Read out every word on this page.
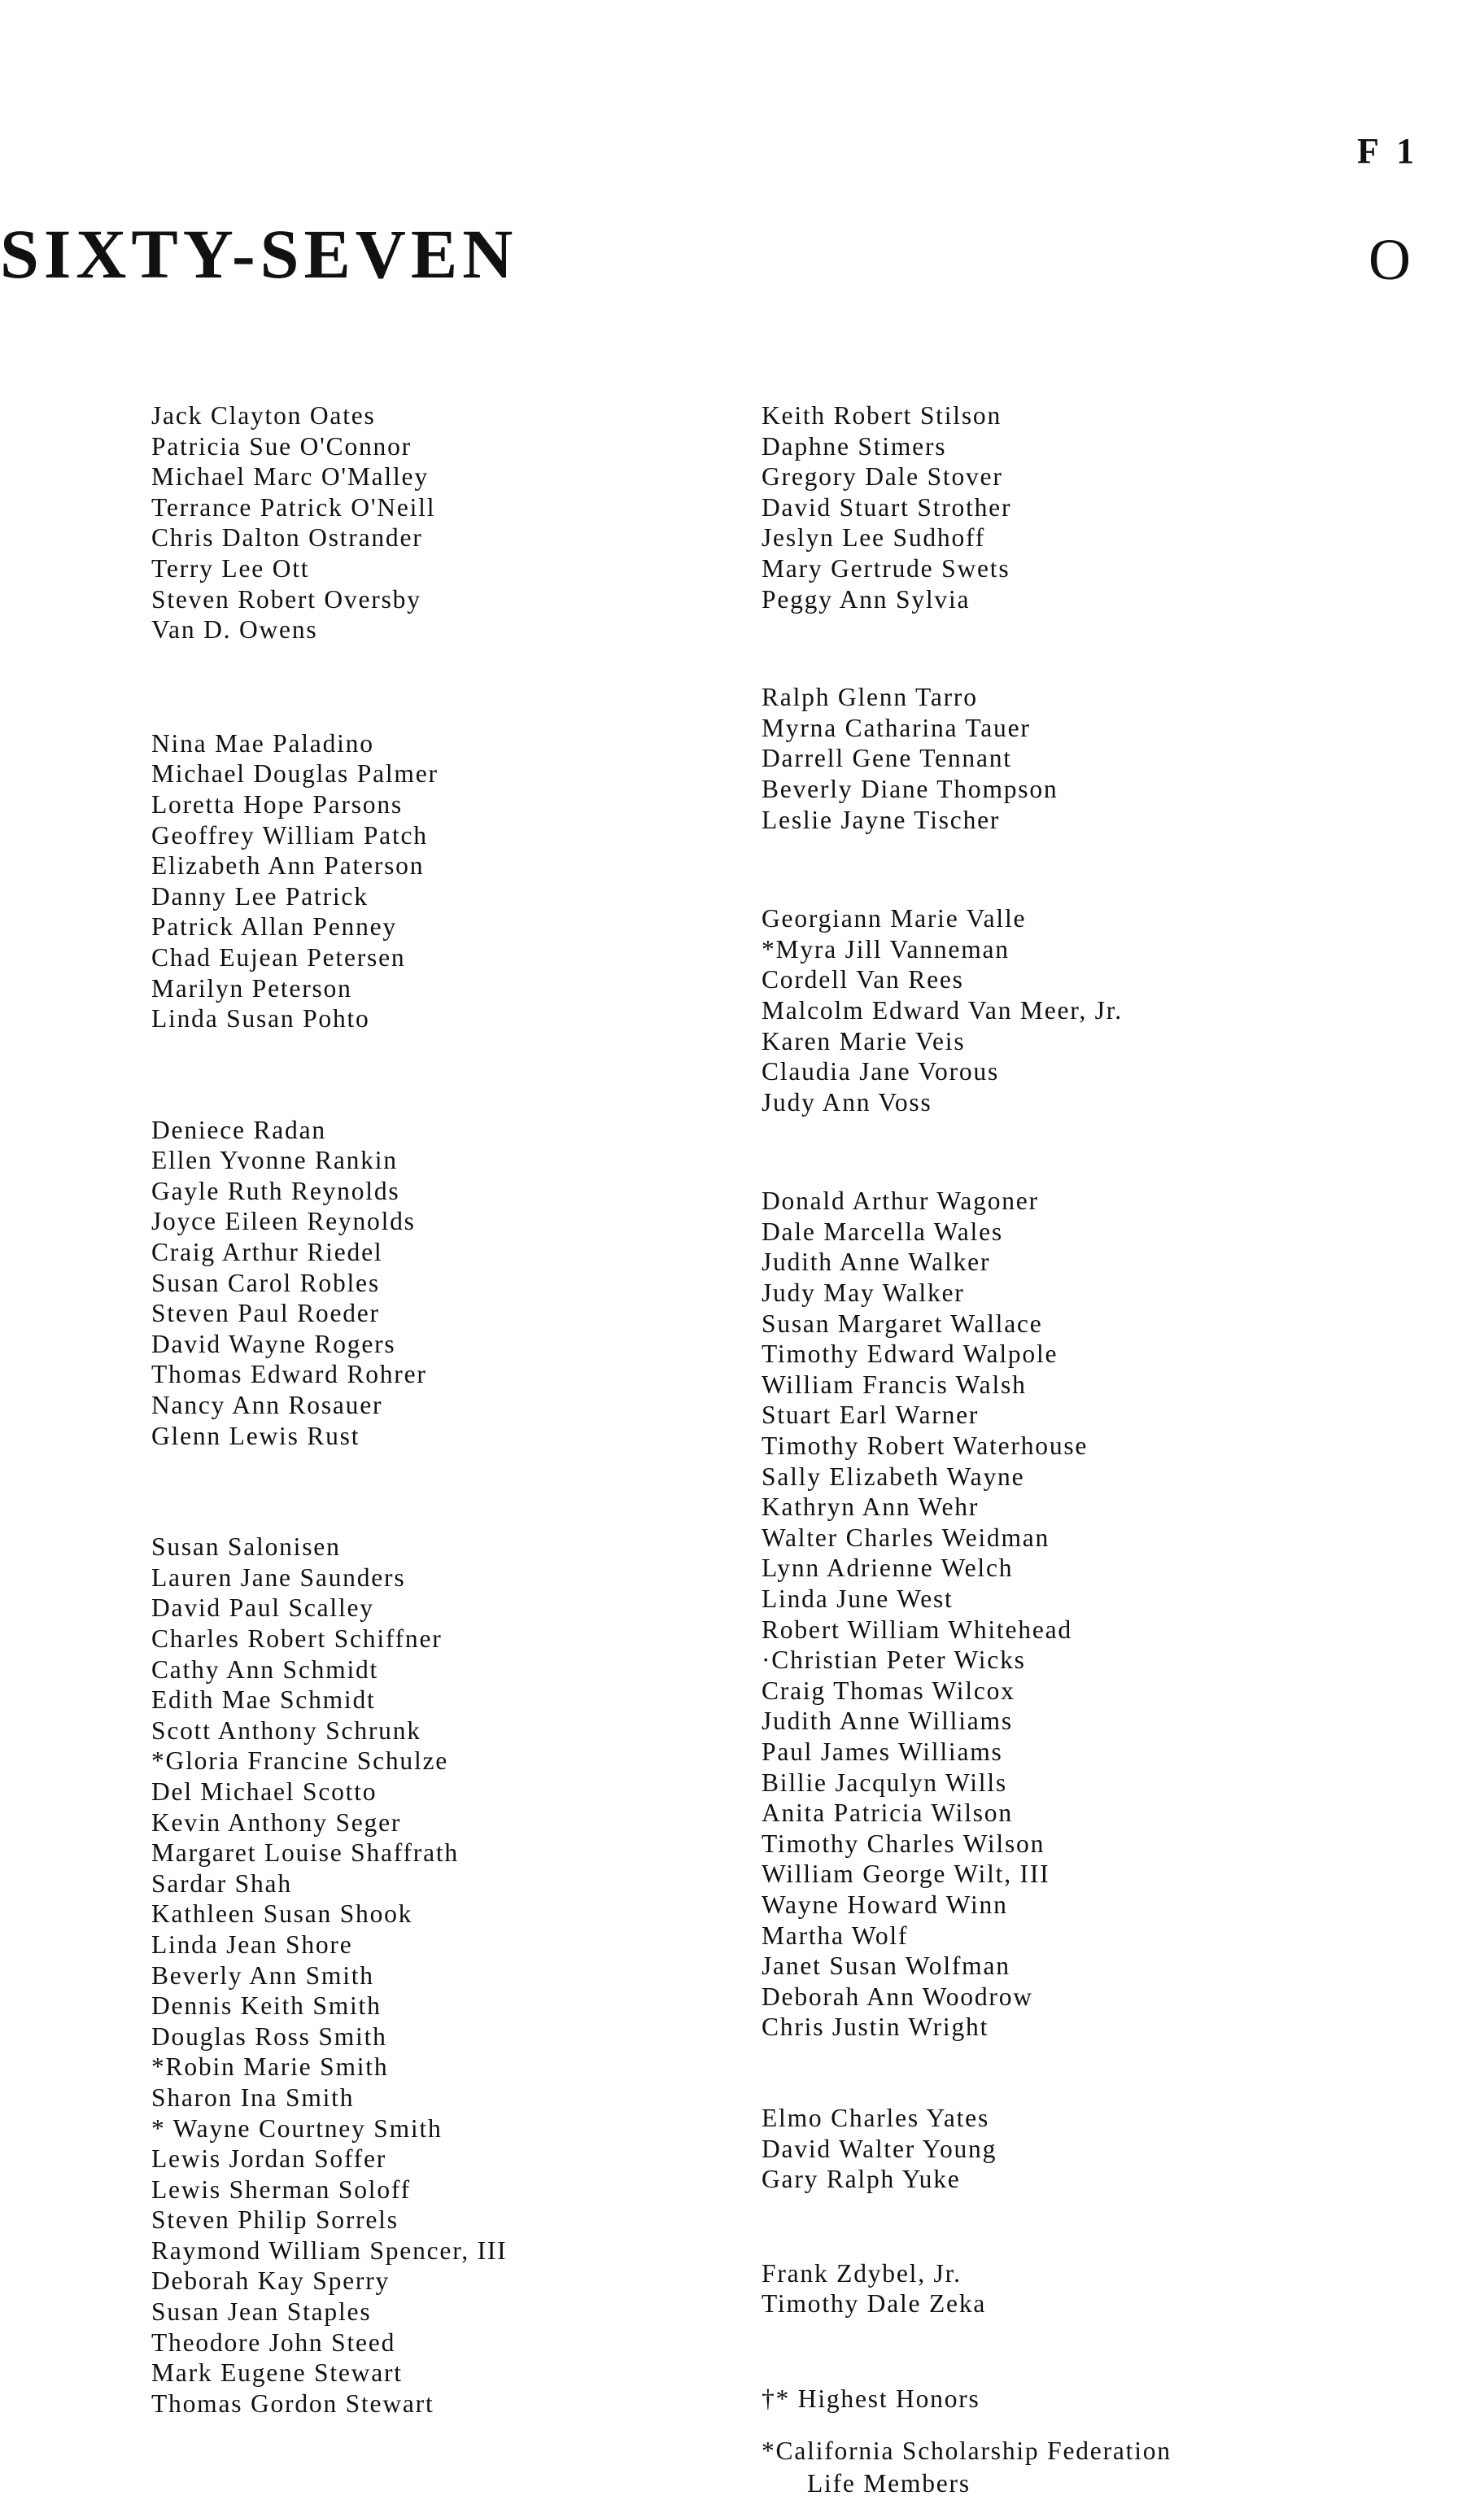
F 1
SIXTY-SEVEN	O
Jack Clayton Oates
Patricia Sue O'Connor
Michael Marc O'Malley
Terrance Patrick O'Neill
Chris Dalton Ostrander
Terry Lee Ott
Steven Robert Oversby
Van D. Owens
Nina Mae Paladino
Michael Douglas Palmer
Loretta Hope Parsons
Geoffrey William Patch
Elizabeth Ann Paterson
Danny Lee Patrick
Patrick Allan Penney
Chad Eujean Petersen
Marilyn Peterson
Linda Susan Pohto
Deniece Radan
Ellen Yvonne Rankin
Gayle Ruth Reynolds
Joyce Eileen Reynolds
Craig Arthur Riedel
Susan Carol Robles
Steven Paul Roeder
David Wayne Rogers
Thomas Edward Rohrer
Nancy Ann Rosauer
Glenn Lewis Rust
Susan Salonisen
Lauren Jane Saunders
David Paul Scalley
Charles Robert Schiffner
Cathy Ann Schmidt
Edith Mae Schmidt
Scott Anthony Schrunk
*Gloria Francine Schulze
Del Michael Scotto
Kevin Anthony Seger
Margaret Louise Shaffrath
Sardar Shah
Kathleen Susan Shook
Linda Jean Shore
Beverly Ann Smith
Dennis Keith Smith
Douglas Ross Smith
*Robin Marie Smith
Sharon Ina Smith
* Wayne Courtney Smith
Lewis Jordan Soffer
Lewis Sherman Soloff
Steven Philip Sorrels
Raymond William Spencer, III
Deborah Kay Sperry
Susan Jean Staples
Theodore John Steed
Mark Eugene Stewart
Thomas Gordon Stewart
Keith Robert Stilson
Daphne Stimers
Gregory Dale Stover
David Stuart Strother
Jeslyn Lee Sudhoff
Mary Gertrude Swets
Peggy Ann Sylvia
Ralph Glenn Tarro
Myrna Catharina Tauer
Darrell Gene Tennant
Beverly Diane Thompson
Leslie Jayne Tischer
Georgiann Marie Valle
*Myra Jill Vanneman
Cordell Van Rees
Malcolm Edward Van Meer, Jr.
Karen Marie Veis
Claudia Jane Vorous
Judy Ann Voss
Donald Arthur Wagoner
Dale Marcella Wales
Judith Anne Walker
Judy May Walker
Susan Margaret Wallace
Timothy Edward Walpole
William Francis Walsh
Stuart Earl Warner
Timothy Robert Waterhouse
Sally Elizabeth Wayne
Kathryn Ann Wehr
Walter Charles Weidman
Lynn Adrienne Welch
Linda June West
Robert William Whitehead
·Christian Peter Wicks
Craig Thomas Wilcox
Judith Anne Williams
Paul James Williams
Billie Jacqulyn Wills
Anita Patricia Wilson
Timothy Charles Wilson
William George Wilt, III
Wayne Howard Winn
Martha Wolf
Janet Susan Wolfman
Deborah Ann Woodrow
Chris Justin Wright
Elmo Charles Yates
David Walter Young
Gary Ralph Yuke
Frank Zdybel, Jr.
Timothy Dale Zeka
†* Highest Honors
*California Scholarship Federation
Life Members
